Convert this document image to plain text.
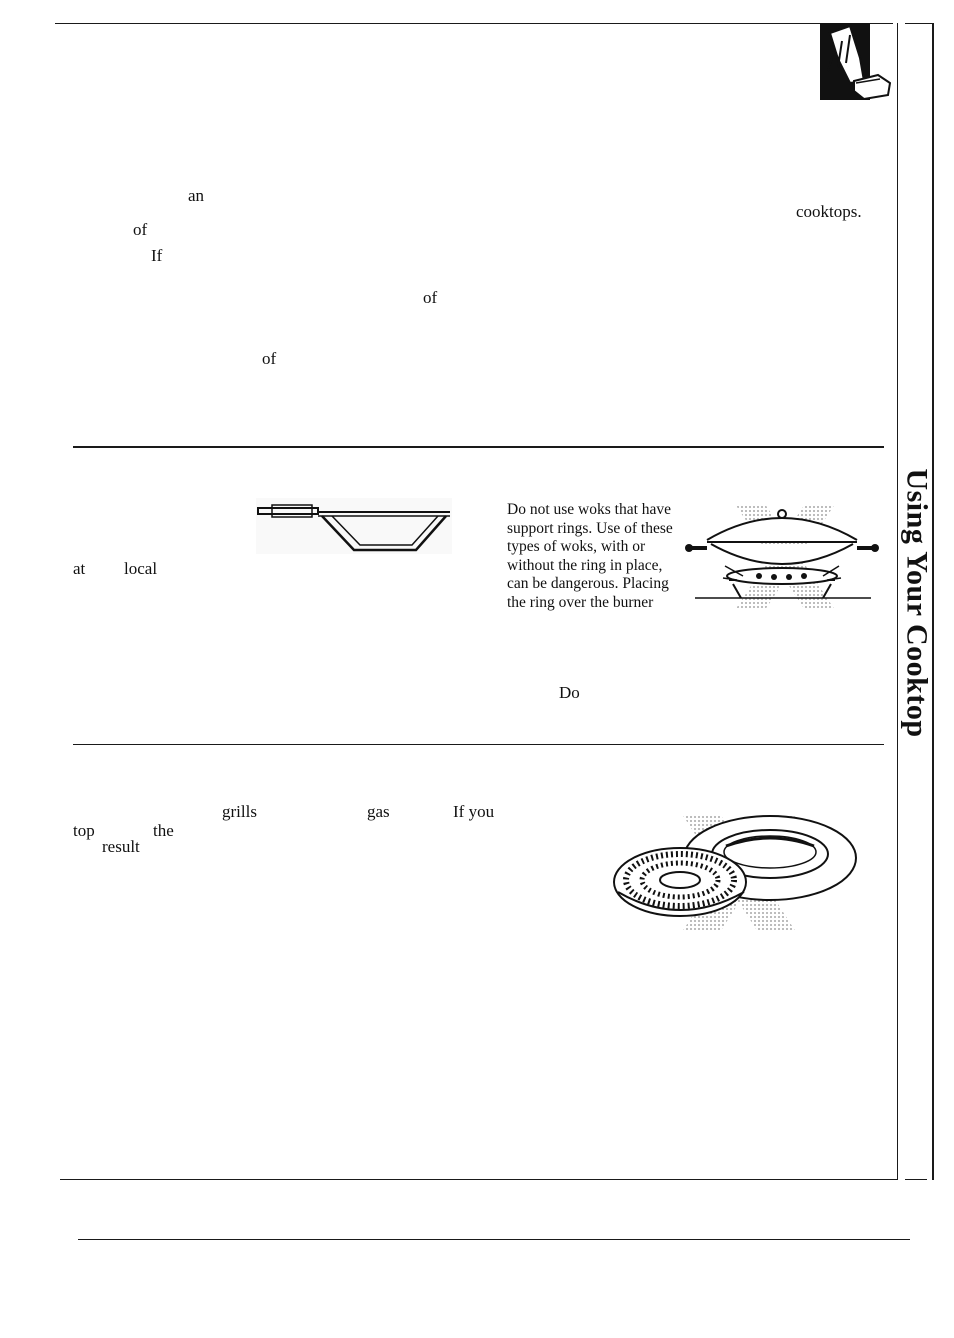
an
cooktops.
of
If
of
of
at local

Do not use woks that have support rings. Use of these types of woks, with or without the ring in place, can be dangerous. Placing the ring over the burner

Do
grills	gas	If you
top	the
result
Using Your Cooktop
